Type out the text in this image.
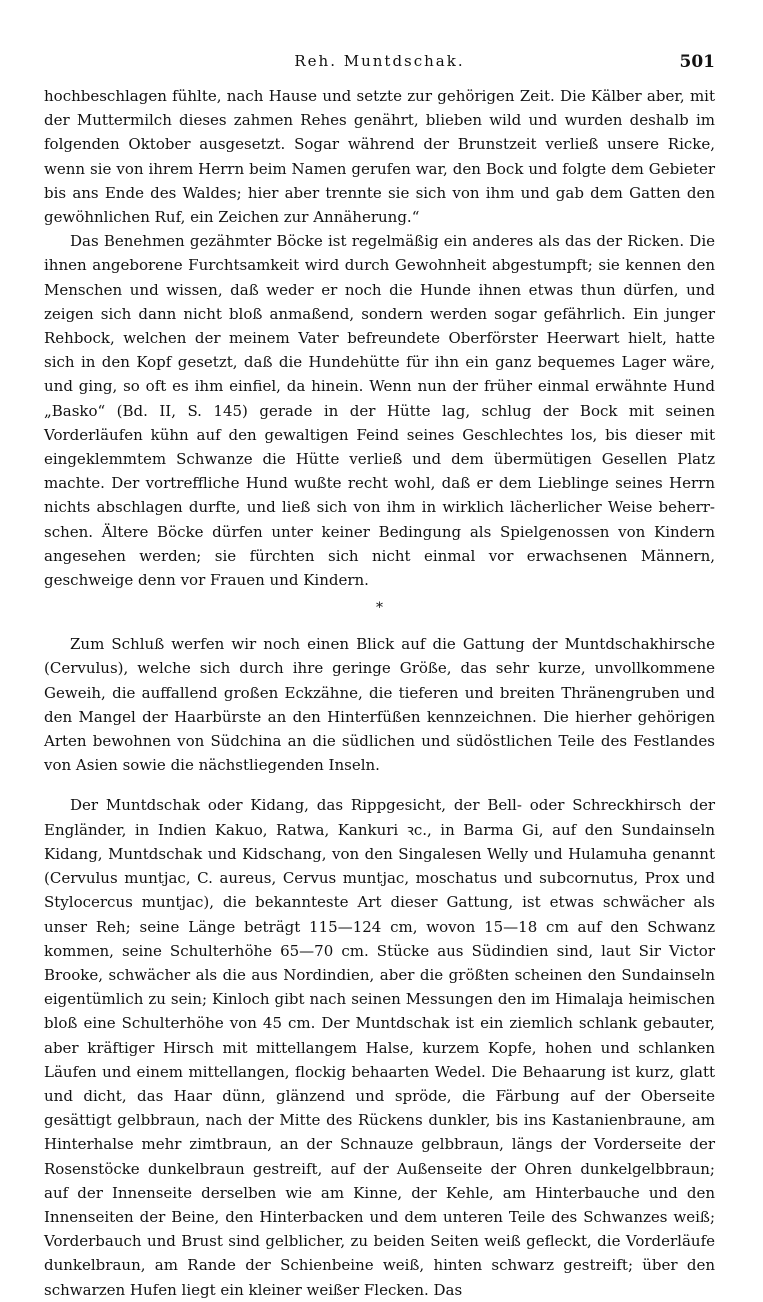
Reh. Muntdschak.	501

hochbeschlagen fühlte, nach Hause und setzte zur gehörigen Zeit. Die Kälber aber, mit der Muttermilch dieses zahmen Rehes genährt, blieben wild und wurden deshalb im folgenden Oktober ausgesetzt. Sogar während der Brunstzeit verließ unsere Ricke, wenn sie von ihrem Herrn beim Namen gerufen war, den Bock und folgte dem Gebieter bis ans Ende des Waldes; hier aber trennte sie sich von ihm und gab dem Gatten den gewöhnlichen Ruf, ein Zeichen zur Annäherung.“

Das Benehmen gezähmter Böcke ist regelmäßig ein anderes als das der Ricken. Die ihnen angeborene Furchtsamkeit wird durch Gewohnheit abgestumpft; sie kennen den Menschen und wissen, daß weder er noch die Hunde ihnen etwas thun dürfen, und zeigen sich dann nicht bloß anmaßend, sondern werden sogar gefährlich. Ein junger Rehbock, welchen der meinem Vater befreundete Oberförster Heerwart hielt, hatte sich in den Kopf gesetzt, daß die Hundehütte für ihn ein ganz bequemes Lager wäre, und ging, so oft es ihm einfiel, da hinein. Wenn nun der früher einmal erwähnte Hund „Basko“ (Bd. II, S. 145) gerade in der Hütte lag, schlug der Bock mit seinen Vorderläufen kühn auf den gewaltigen Feind seines Geschlechtes los, bis dieser mit eingeklemmtem Schwanze die Hütte verließ und dem übermütigen Gesellen Platz machte. Der vortreffliche Hund wußte recht wohl, daß er dem Lieblinge seines Herrn nichts abschlagen durfte, und ließ sich von ihm in wirklich lächerlicher Weise beherrschen. Ältere Böcke dürfen unter keiner Bedingung als Spielgenossen von Kindern angesehen werden; sie fürchten sich nicht einmal vor erwachsenen Männern, geschweige denn vor Frauen und Kindern.

*

Zum Schluß werfen wir noch einen Blick auf die Gattung der Muntdschakhirsche (Cervulus), welche sich durch ihre geringe Größe, das sehr kurze, unvollkommene Geweih, die auffallend großen Eckzähne, die tieferen und breiten Thränengruben und den Mangel der Haarbürste an den Hinterfüßen kennzeichnen. Die hierher gehörigen Arten bewohnen von Südchina an die südlichen und südöstlichen Teile des Festlandes von Asien sowie die nächstliegenden Inseln.

Der Muntdschak oder Kidang, das Rippgesicht, der Bell- oder Schreckhirsch der Engländer, in Indien Kakuo, Ratwa, Kankuri ꝛc., in Barma Gi, auf den Sundainseln Kidang, Muntdschak und Kidschang, von den Singalesen Welly und Hulamuha genannt (Cervulus muntjac, C. aureus, Cervus muntjac, moschatus und subcornutus, Prox und Stylocercus muntjac), die bekannteste Art dieser Gattung, ist etwas schwächer als unser Reh; seine Länge beträgt 115—124 cm, wovon 15—18 cm auf den Schwanz kommen, seine Schulterhöhe 65—70 cm. Stücke aus Südindien sind, laut Sir Victor Brooke, schwächer als die aus Nordindien, aber die größten scheinen den Sundainseln eigentümlich zu sein; Kinloch gibt nach seinen Messungen den im Himalaja heimischen bloß eine Schulterhöhe von 45 cm. Der Muntdschak ist ein ziemlich schlank gebauter, aber kräftiger Hirsch mit mittellangem Halse, kurzem Kopfe, hohen und schlanken Läufen und einem mittellangen, flockig behaarten Wedel. Die Behaarung ist kurz, glatt und dicht, das Haar dünn, glänzend und spröde, die Färbung auf der Oberseite gesättigt gelbbraun, nach der Mitte des Rückens dunkler, bis ins Kastanienbraune, am Hinterhalse mehr zimtbraun, an der Schnauze gelbbraun, längs der Vorderseite der Rosenstöcke dunkelbraun gestreift, auf der Außenseite der Ohren dunkelgelbbraun; auf der Innenseite derselben wie am Kinne, der Kehle, am Hinterbauche und den Innenseiten der Beine, den Hinterbacken und dem unteren Teile des Schwanzes weiß; Vorderbauch und Brust sind gelblicher, zu beiden Seiten weiß gefleckt, die Vorderläufe dunkelbraun, am Rande der Schienbeine weiß, hinten schwarz gestreift; über den schwarzen Hufen liegt ein kleiner weißer Flecken. Das
